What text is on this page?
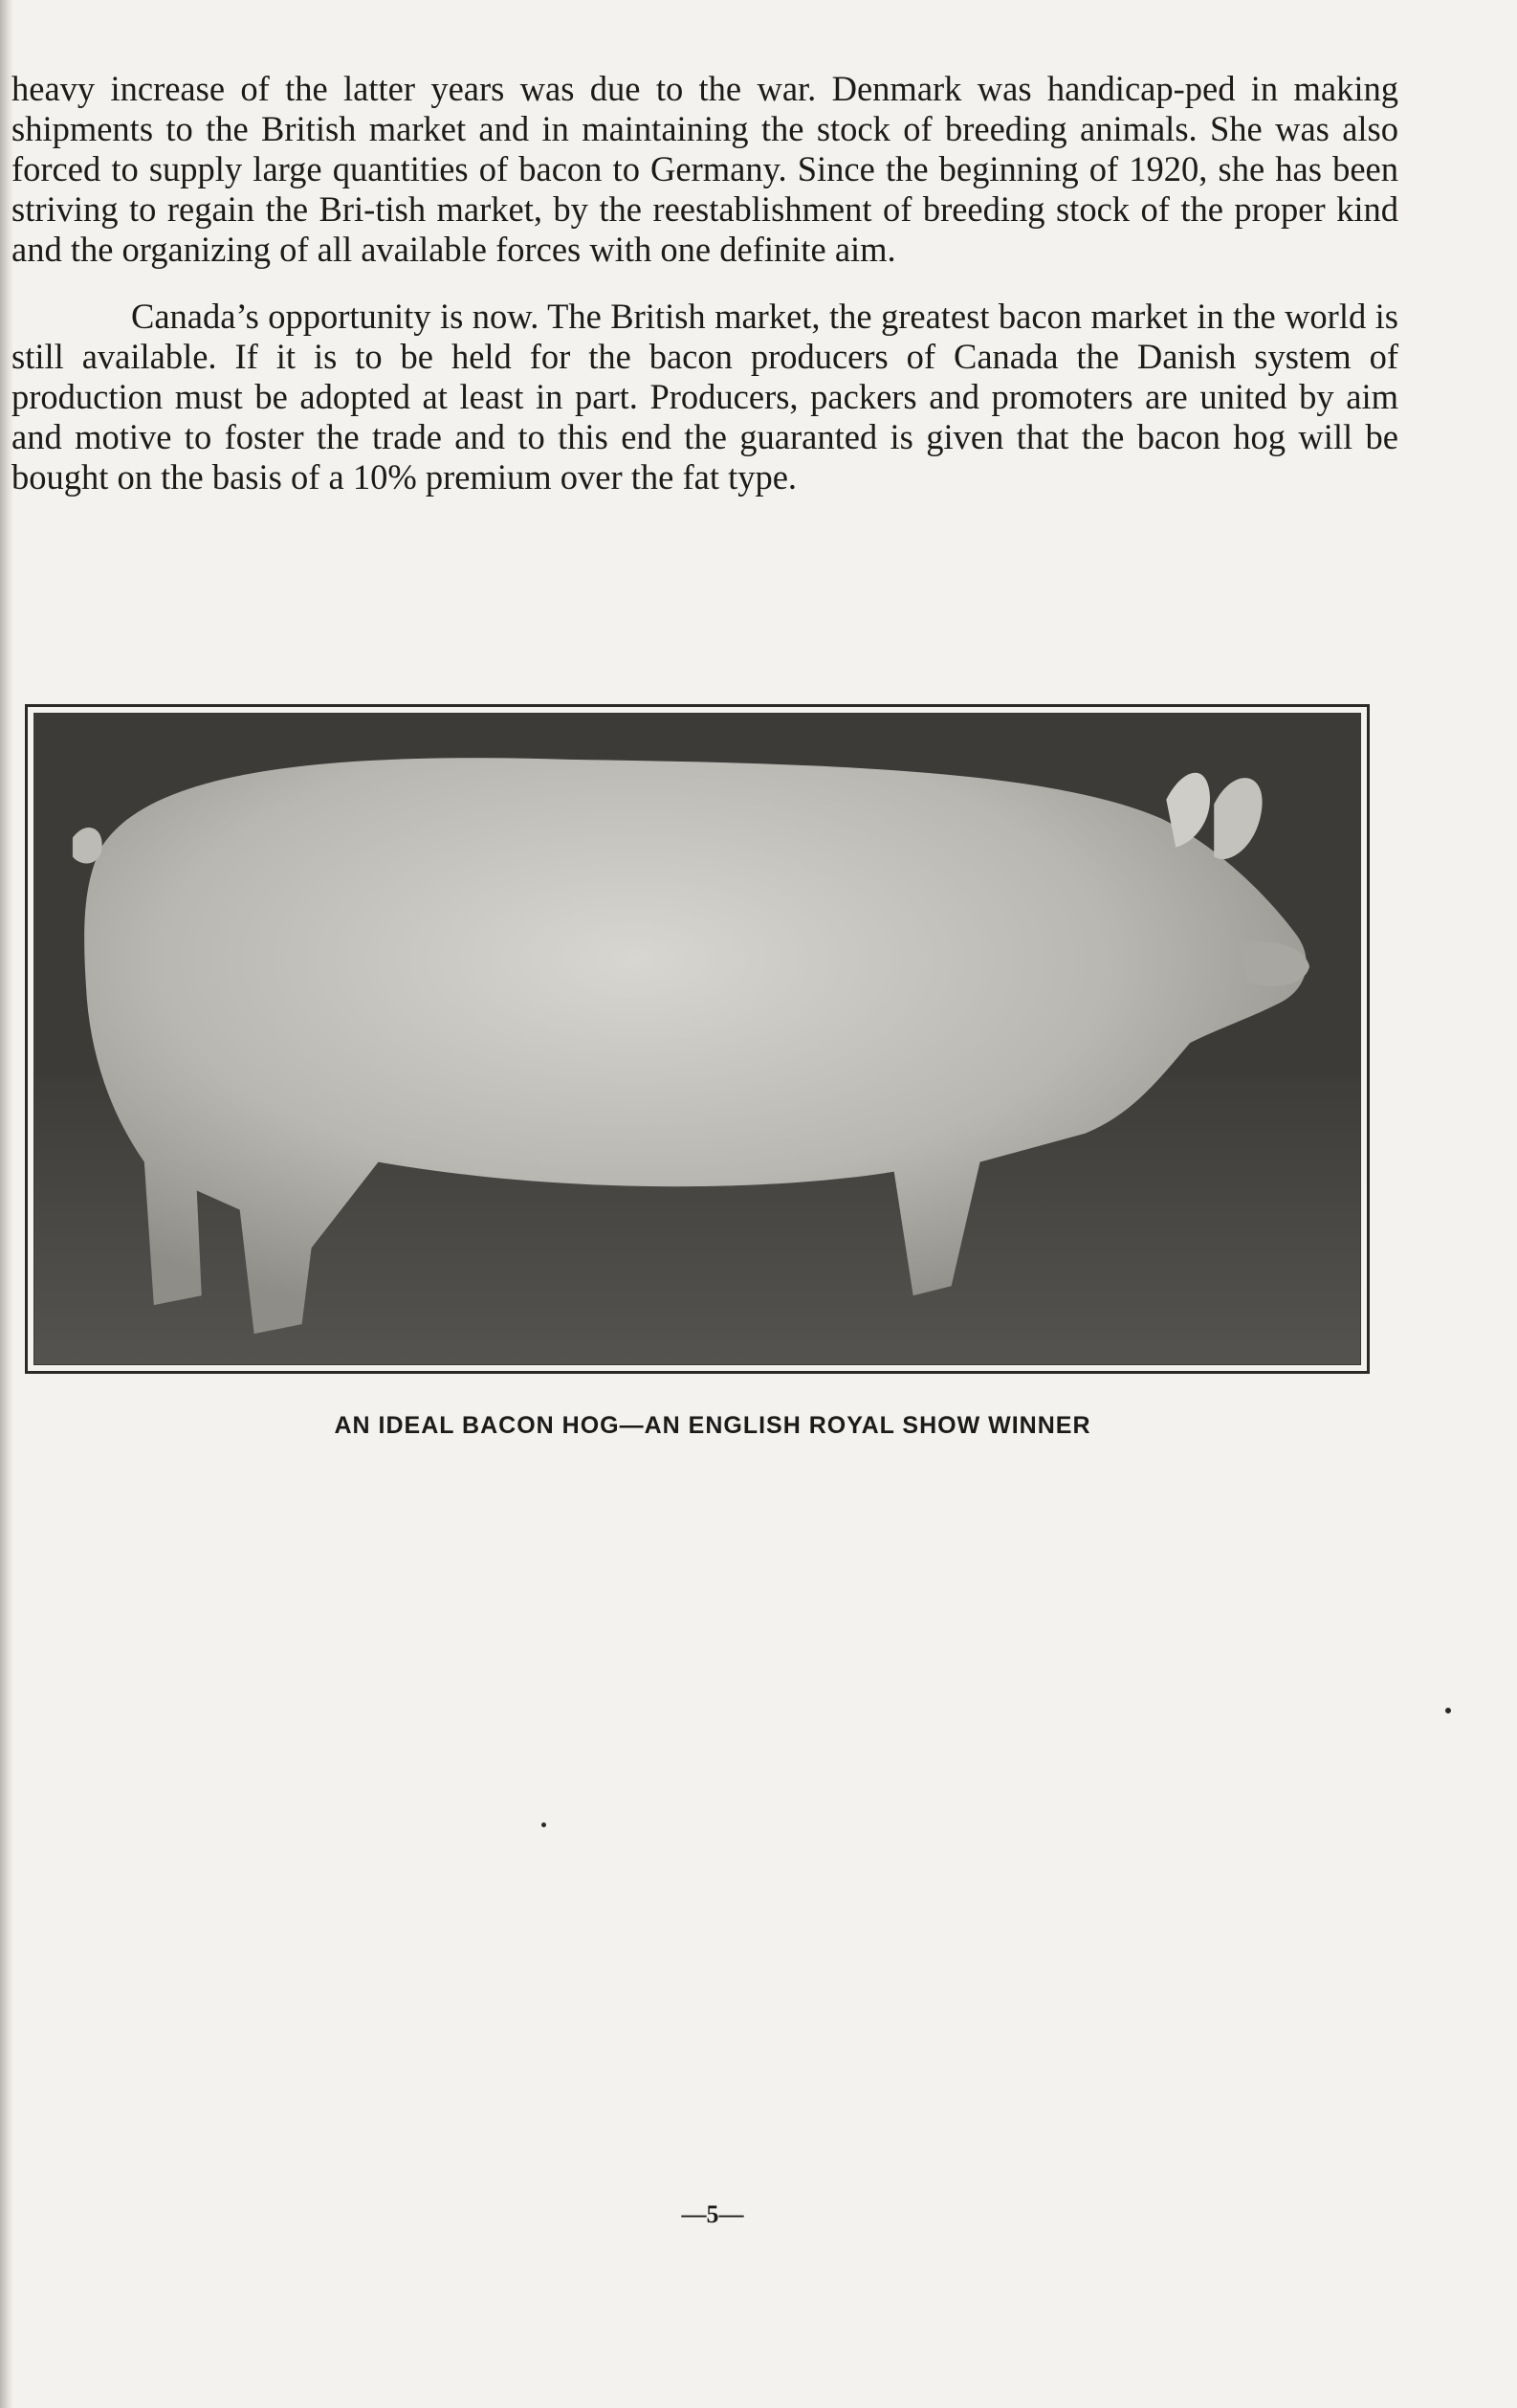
heavy increase of the latter years was due to the war. Denmark was handicap-ped in making shipments to the British market and in maintaining the stock of breeding animals. She was also forced to supply large quantities of bacon to Germany. Since the beginning of 1920, she has been striving to regain the Bri-tish market, by the reestablishment of breeding stock of the proper kind and the organizing of all available forces with one definite aim.

Canada’s opportunity is now. The British market, the greatest bacon market in the world is still available. If it is to be held for the bacon producers of Canada the Danish system of production must be adopted at least in part. Producers, packers and promoters are united by aim and motive to foster the trade and to this end the guaranted is given that the bacon hog will be bought on the basis of a 10% premium over the fat type.

AN IDEAL BACON HOG—AN ENGLISH ROYAL SHOW WINNER
—5—
